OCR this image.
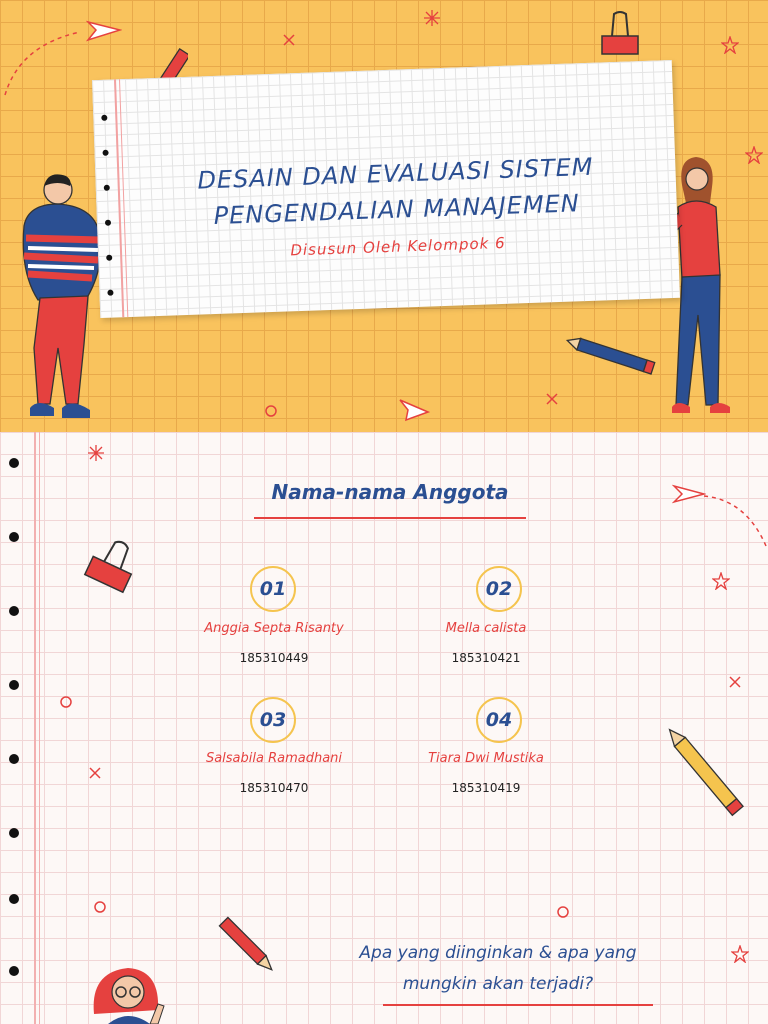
DESAIN DAN EVALUASI SISTEM
PENGENDALIAN MANAJEMEN
Disusun Oleh Kelompok 6
Nama-nama Anggota
01
Anggia Septa Risanty
185310449
02
Mella calista
185310421
03
Salsabila Ramadhani
185310470
04
Tiara Dwi Mustika
185310419
Apa yang diinginkan & apa yang
mungkin akan terjadi?
